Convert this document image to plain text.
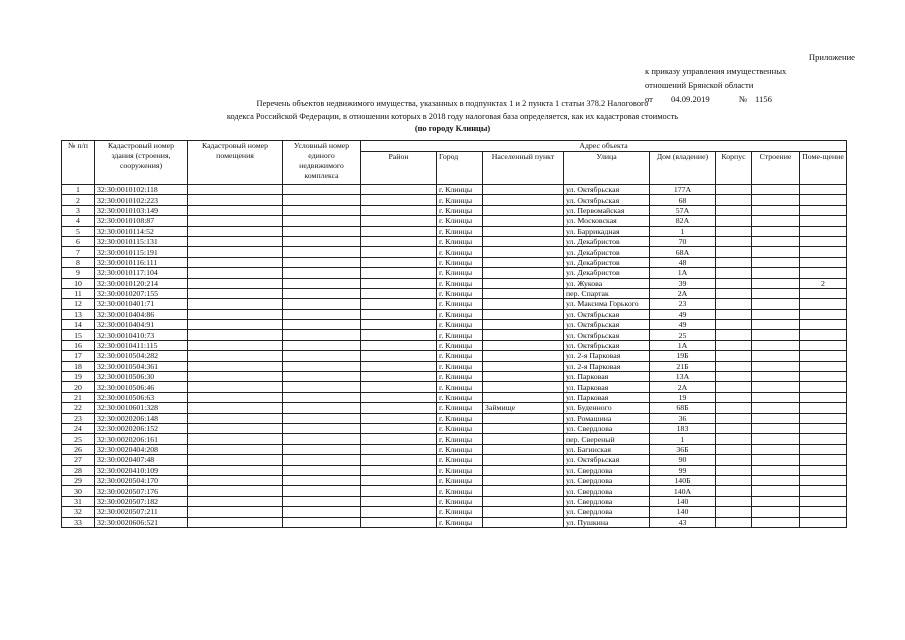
Приложение
к приказу управления имущественных
отношений Брянской области
от 04.09.2019	№ 1156
Перечень объектов недвижимого имущества, указанных в подпунктах 1 и 2 пункта 1 статьи 378.2 Налогового
кодекса Российской Федерации, в отношении которых в 2018 году налоговая база определяется, как их кадастровая стоимость
(по городу Клинцы)
№ п/п	Кадастровый номер здания (строения, сооружения)	Кадастровый номер помещения	Условный номер единого недвижимого комплекса	Адрес объекта							
				Район	Город	Населенный пункт	Улица	Дом (владение)	Корпус	Строение	Поме-щение
1	32:30:0010102:118				г. Клинцы		ул. Октябрьская	177А			
2	32:30:0010102:223				г. Клинцы		ул. Октябрьская	68			
3	32:30:0010103:149				г. Клинцы		ул. Первомайская	57А			
4	32:30:0010108:87				г. Клинцы		ул. Московская	82А			
5	32:30:0010114:52				г. Клинцы		ул. Баррикадная	1			
6	32:30:0010115:131				г. Клинцы		ул. Декабристов	70			
7	32:30:0010115:191				г. Клинцы		ул. Декабристов	68А			
8	32:30:0010116:111				г. Клинцы		ул. Декабристов	48			
9	32:30:0010117:104				г. Клинцы		ул. Декабристов	1А			
10	32:30:0010120:214				г. Клинцы		ул. Жукова	39			2
11	32:30:0010207:155				г. Клинцы		пер. Спартак	2А			
12	32:30:0010401:71				г. Клинцы		ул. Максима Горького	23			
13	32:30:0010404:86				г. Клинцы		ул. Октябрьская	49			
14	32:30:0010404:91				г. Клинцы		ул. Октябрьская	49			
15	32:30:0010410:73				г. Клинцы		ул. Октябрьская	25			
16	32:30:0010411:115				г. Клинцы		ул. Октябрьская	1А			
17	32:30:0010504:282				г. Клинцы		ул. 2-я Парковая	19Б			
18	32:30:0010504:361				г. Клинцы		ул. 2-я Парковая	21Б			
19	32:30:0010506:30				г. Клинцы		ул. Парковая	13А			
20	32:30:0010506:46				г. Клинцы		ул. Парковая	2А			
21	32:30:0010506:63				г. Клинцы		ул. Парковая	19			
22	32:30:0010601:328				г. Клинцы	Займище	ул. Буденного	68Б			
23	32:30:0020206:148				г. Клинцы		ул. Ромашина	36			
24	32:30:0020206:152				г. Клинцы		ул. Свердлова	183			
25	32:30:0020206:161				г. Клинцы		пер. Свереный	1			
26	32:30:0020404:208				г. Клинцы		ул. Багинская	36Б			
27	32:30:0020407:48				г. Клинцы		ул. Октябрьская	90			
28	32:30:0020410:109				г. Клинцы		ул. Свердлова	99			
29	32:30:0020504:170				г. Клинцы		ул. Свердлова	140Б			
30	32:30:0020507:176				г. Клинцы		ул. Свердлова	140А			
31	32:30:0020507:182				г. Клинцы		ул. Свердлова	140			
32	32:30:0020507:211				г. Клинцы		ул. Свердлова	140			
33	32:30:0020606:521				г. Клинцы		ул. Пушкина	43			
